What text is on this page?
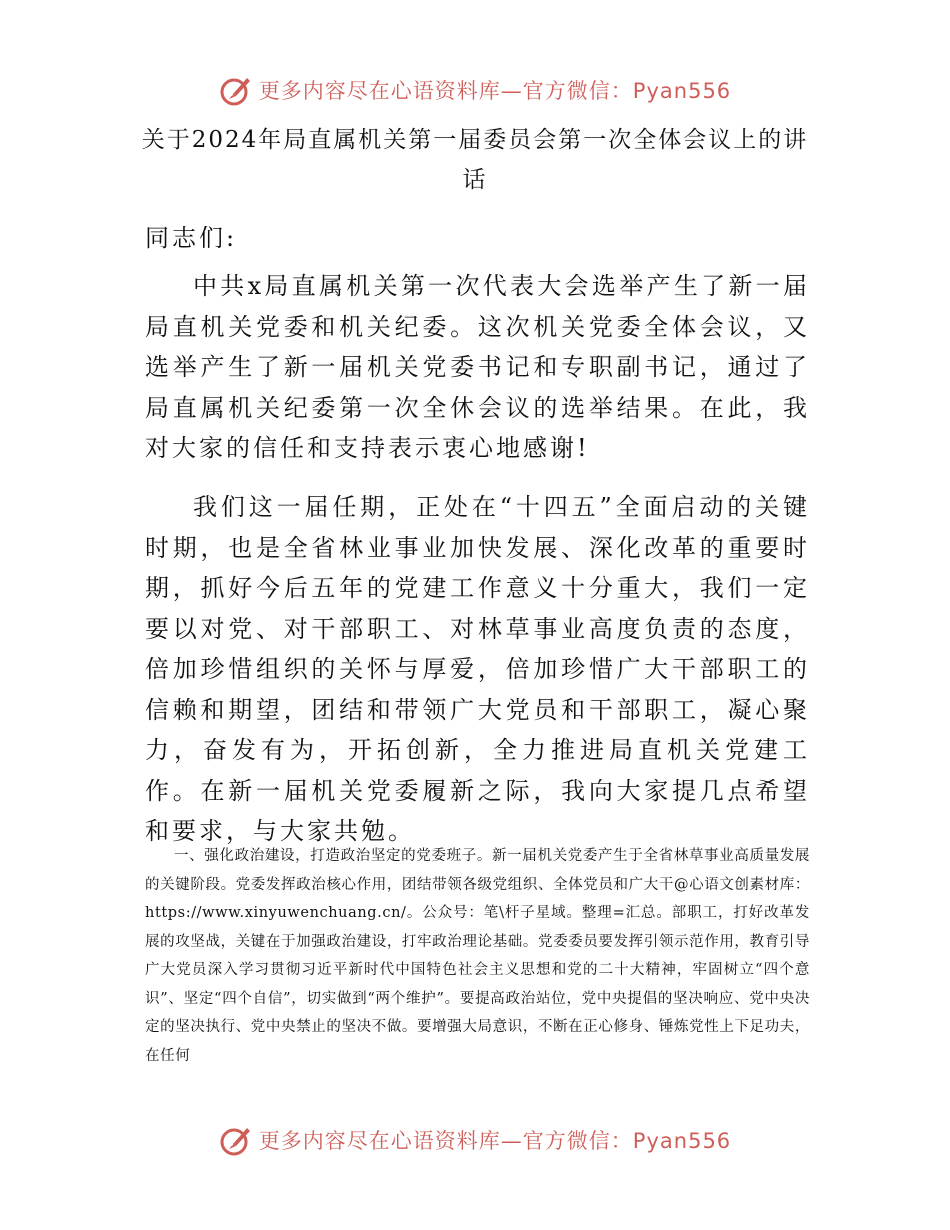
更多内容尽在心语资料库—官方微信：Pyan556
关于2024年局直属机关第一届委员会第一次全体会议上的讲话

同志们:

中共x局直属机关第一次代表大会选举产生了新一届局直机关党委和机关纪委。这次机关党委全体会议，又选举产生了新一届机关党委书记和专职副书记，通过了局直属机关纪委第一次全休会议的选举结果。在此，我对大家的信任和支持表示衷心地感谢!

我们这一届任期，正处在“十四五”全面启动的关键时期，也是全省林业事业加快发展、深化改革的重要时期，抓好今后五年的党建工作意义十分重大，我们一定要以对党、对干部职工、对林草事业高度负责的态度，倍加珍惜组织的关怀与厚爱，倍加珍惜广大干部职工的信赖和期望，团结和带领广大党员和干部职工，凝心聚力，奋发有为，开拓创新，全力推进局直机关党建工作。在新一届机关党委履新之际，我向大家提几点希望和要求，与大家共勉。

一、强化政治建设，打造政治坚定的党委班子。新一届机关党委产生于全省林草事业高质量发展的关键阶段。党委发挥政治核心作用，团结带领各级党组织、全体党员和广大干@心语文创素材库：https://www.xinyuwenchuang.cn/。公众号：笔\杆子星域。整理=汇总。部职工，打好改革发展的攻坚战，关键在于加强政治建设，打牢政治理论基础。党委委员要发挥引领示范作用，教育引导广大党员深入学习贯彻习近平新时代中国特色社会主义思想和党的二十大精神，牢固树立“四个意识”、坚定“四个自信”，切实做到“两个维护”。要提高政治站位，党中央提倡的坚决响应、党中央决定的坚决执行、党中央禁止的坚决不做。要增强大局意识，不断在正心修身、锤炼党性上下足功夫，在任何

更多内容尽在心语资料库—官方微信：Pyan556
